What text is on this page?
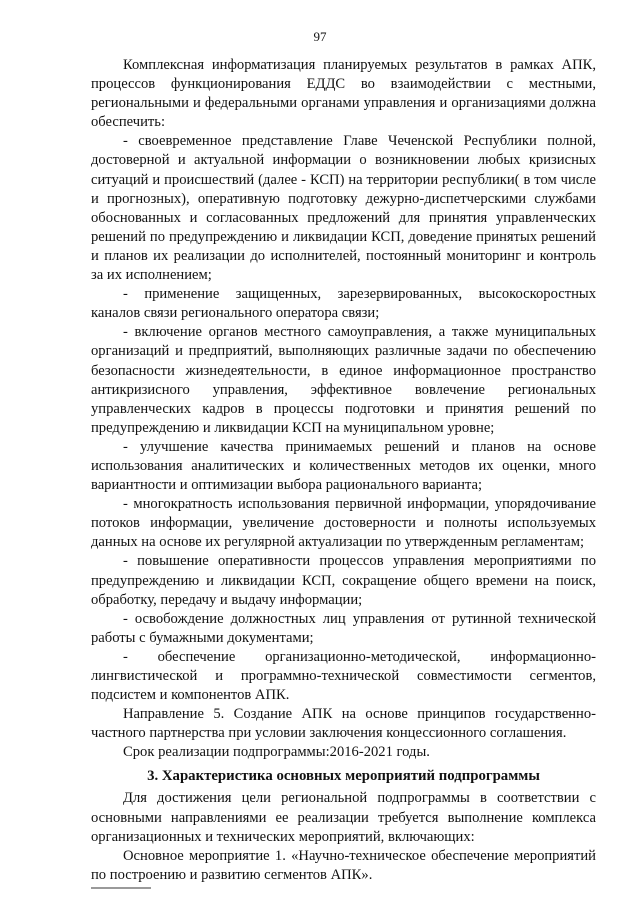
97

Комплексная информатизация планируемых результатов в рамках АПК, процессов функционирования ЕДДС во взаимодействии с местными, региональными и федеральными органами управления и организациями должна обеспечить:

- своевременное представление Главе Чеченской Республики полной, достоверной и актуальной информации о возникновении любых кризисных ситуаций и происшествий (далее - КСП) на территории республики( в том числе и прогнозных), оперативную подготовку дежурно-диспетчерскими службами обоснованных и согласованных предложений для принятия управленческих решений по предупреждению и ликвидации КСП, доведение принятых решений и планов их реализации до исполнителей, постоянный мониторинг и контроль за их исполнением;

- применение защищенных, зарезервированных, высокоскоростных каналов связи регионального оператора связи;

- включение органов местного самоуправления, а также муниципальных организаций и предприятий, выполняющих различные задачи по обеспечению безопасности жизнедеятельности, в единое информационное пространство антикризисного управления, эффективное вовлечение региональных управленческих кадров в процессы подготовки и принятия решений по предупреждению и ликвидации КСП на муниципальном уровне;

- улучшение качества принимаемых решений и планов на основе использования аналитических и количественных методов их оценки, много вариантности и оптимизации выбора рационального варианта;

- многократность использования первичной информации, упорядочивание потоков информации, увеличение достоверности и полноты используемых данных на основе их регулярной актуализации по утвержденным регламентам;

- повышение оперативности процессов управления мероприятиями по предупреждению и ликвидации КСП, сокращение общего времени на поиск, обработку, передачу и выдачу информации;

- освобождение должностных лиц управления от рутинной технической работы с бумажными документами;

- обеспечение организационно-методической, информационно-лингвистической и программно-технической совместимости сегментов, подсистем и компонентов АПК.

Направление 5. Создание АПК на основе принципов государственно-частного партнерства при условии заключения концессионного соглашения.

Срок реализации подпрограммы:2016-2021 годы.

3. Характеристика основных мероприятий подпрограммы

Для достижения цели региональной подпрограммы в соответствии с основными направлениями ее реализации требуется выполнение комплекса организационных и технических мероприятий, включающих:

Основное мероприятие 1. «Научно-техническое обеспечение мероприятий по построению и развитию сегментов АПК».
